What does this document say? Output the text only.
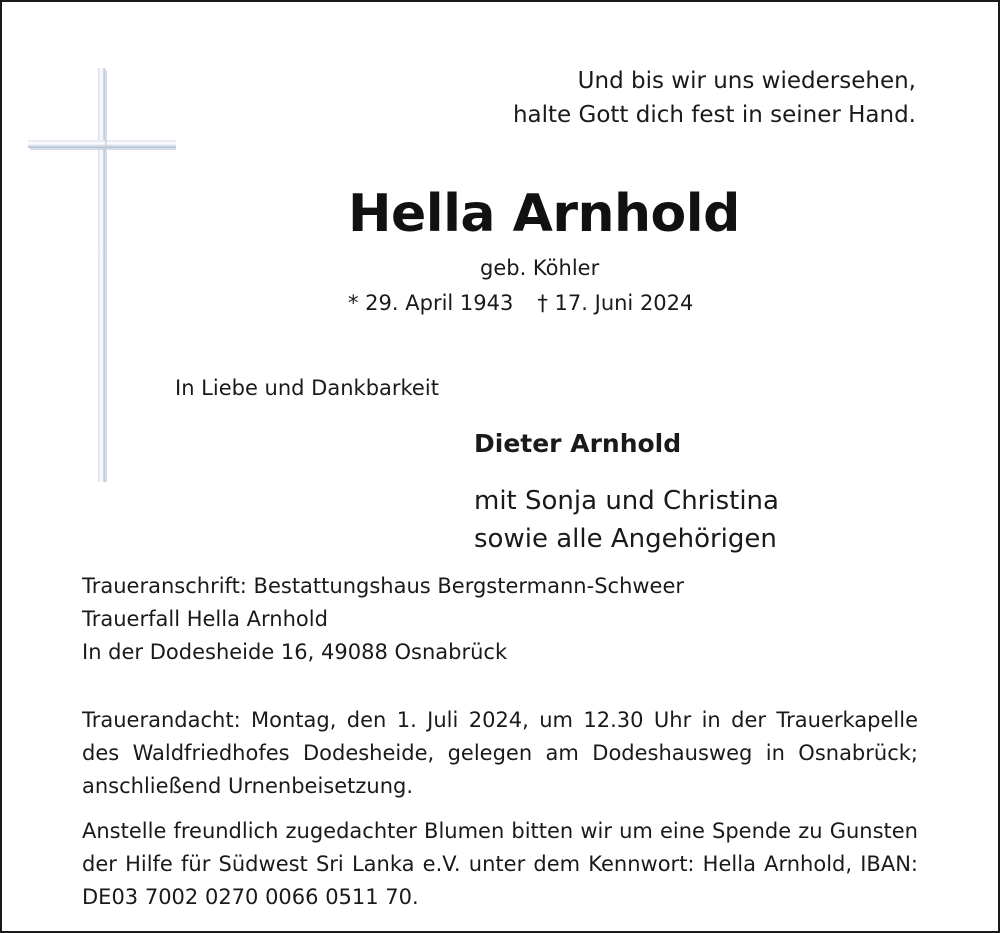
Und bis wir uns wiedersehen,
halte Gott dich fest in seiner Hand.
Hella Arnhold
geb. Köhler
* 29. April 1943 † 17. Juni 2024
In Liebe und Dankbarkeit
Dieter Arnhold
mit Sonja und Christina
sowie alle Angehörigen
Traueranschrift: Bestattungshaus Bergstermann-Schweer
Trauerfall Hella Arnhold
In der Dodesheide 16, 49088 Osnabrück
Trauerandacht: Montag, den 1. Juli 2024, um 12.30 Uhr in der Trauerkapelle des Waldfriedhofes Dodesheide, gelegen am Dodeshausweg in Osnabrück; anschließend Urnenbeisetzung.
Anstelle freundlich zugedachter Blumen bitten wir um eine Spende zu Gunsten der Hilfe für Südwest Sri Lanka e.V. unter dem Kennwort: Hella Arnhold, IBAN: DE03 7002 0270 0066 0511 70.
